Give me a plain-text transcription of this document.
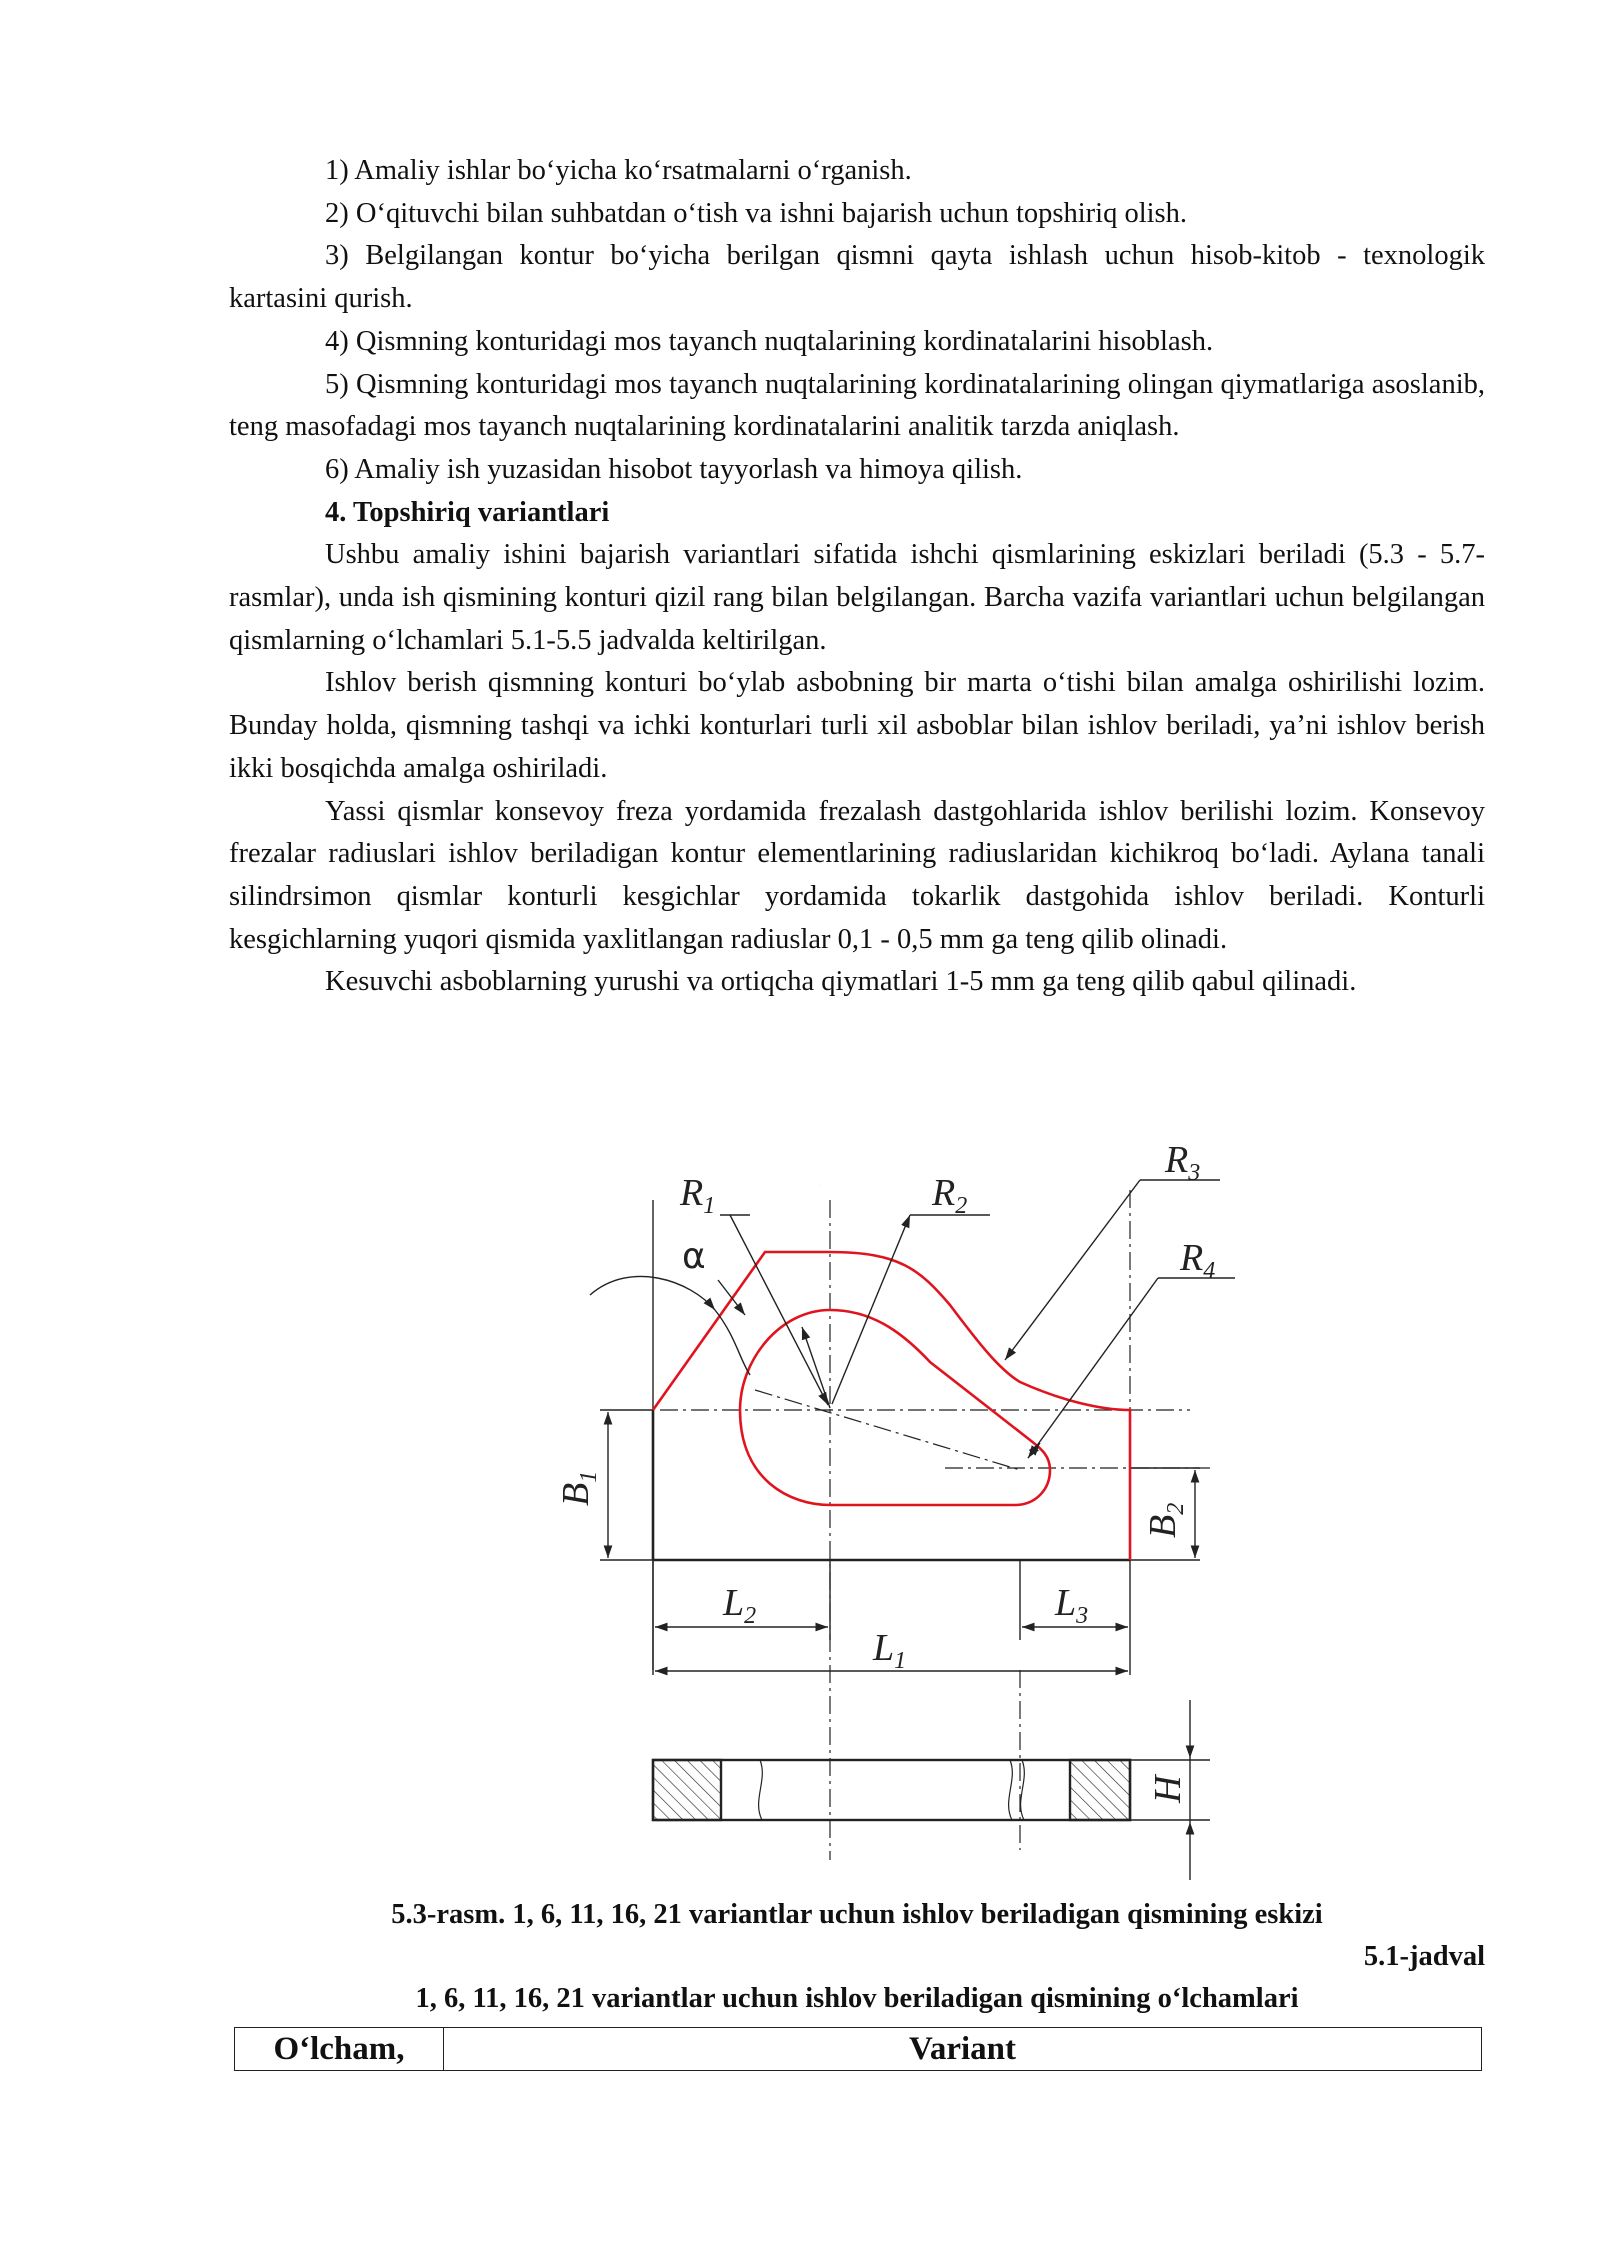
1) Amaliy ishlar bo‘yicha ko‘rsatmalarni o‘rganish.

2) O‘qituvchi bilan suhbatdan o‘tish va ishni bajarish uchun topshiriq olish.

3) Belgilangan kontur bo‘yicha berilgan qismni qayta ishlash uchun hisob-kitob - texnologik kartasini qurish.

4) Qismning konturidagi mos tayanch nuqtalarining kordinatalarini hisoblash.

5) Qismning konturidagi mos tayanch nuqtalarining kordinatalarining olingan qiymatlariga asoslanib, teng masofadagi mos tayanch nuqtalarining kordinatalarini analitik tarzda aniqlash.

6) Amaliy ish yuzasidan hisobot tayyorlash va himoya qilish.

4. Topshiriq variantlari

Ushbu amaliy ishini bajarish variantlari sifatida ishchi qismlarining eskizlari beriladi (5.3 - 5.7-rasmlar), unda ish qismining konturi qizil rang bilan belgilangan. Barcha vazifa variantlari uchun belgilangan qismlarning o‘lchamlari 5.1-5.5 jadvalda keltirilgan.

Ishlov berish qismning konturi bo‘ylab asbobning bir marta o‘tishi bilan amalga oshirilishi lozim. Bunday holda, qismning tashqi va ichki konturlari turli xil asboblar bilan ishlov beriladi, ya’ni ishlov berish ikki bosqichda amalga oshiriladi.

Yassi qismlar konsevoy freza yordamida frezalash dastgohlarida ishlov berilishi lozim. Konsevoy frezalar radiuslari ishlov beriladigan kontur elementlarining radiuslaridan kichikroq bo‘ladi. Aylana tanali silindrsimon qismlar konturli kesgichlar yordamida tokarlik dastgohida ishlov beriladi. Konturli kesgichlarning yuqori qismida yaxlitlangan radiuslar 0,1 - 0,5 mm ga teng qilib olinadi.

Kesuvchi asboblarning yurushi va ortiqcha qiymatlari 1-5 mm ga teng qilib qabul qilinadi.

$R_1$	$R_2$
$R_3$
$R_4$
α
$B_1$
$B_2$
$L_2$	$L_3$
$L_1$
H

5.3-rasm. 1, 6, 11, 16, 21 variantlar uchun ishlov beriladigan qismining eskizi

5.1-jadval

1, 6, 11, 16, 21 variantlar uchun ishlov beriladigan qismining o‘lchamlari

O‘lcham,	Variant
